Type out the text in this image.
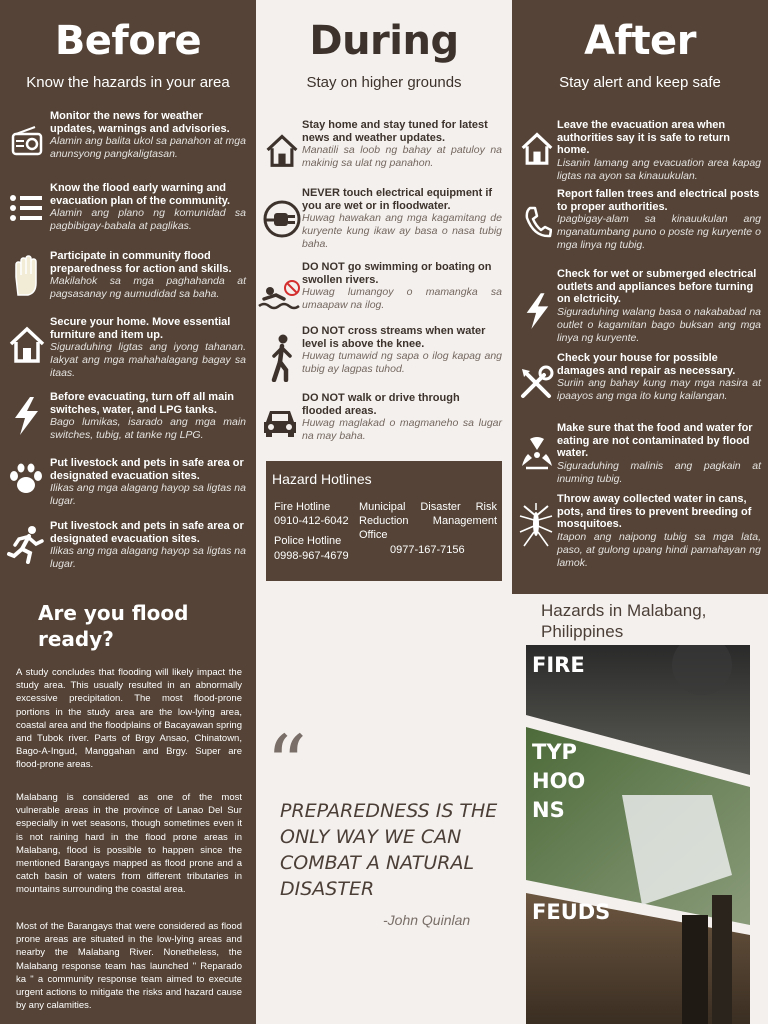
Before
Know the hazards in your area
Monitor the news for weather updates, warnings and advisories.
Alamin ang balita ukol sa panahon at mga anunsyong pangkaligtasan.
Know the flood early warning and evacuation plan of the community.
Alamin ang plano ng komunidad sa pagbibigay-babala at paglikas.
Participate in community flood preparedness for action and skills.
Makilahok sa mga paghahanda at pagsasanay ng aumudidad sa baha.
Secure your home. Move essential furniture and item up.
Siguraduhing ligtas ang iyong tahanan. Iakyat ang mga mahahalagang bagay sa itaas.
Before evacuating, turn off all main switches, water, and LPG tanks.
Bago lumikas, isarado ang mga main switches, tubig, at tanke ng LPG.
Put livestock and pets in safe area or designated evacuation sites.
Ilikas ang mga alagang hayop sa ligtas na lugar.
Put livestock and pets in safe area or designated evacuation sites.
Ilikas ang mga alagang hayop sa ligtas na lugar.
During
Stay on higher grounds
Stay home and stay tuned for latest news and weather updates.
Manatili sa loob ng bahay at patuloy na makinig sa ulat ng panahon.
NEVER touch electrical equipment if you are wet or in floodwater.
Huwag hawakan ang mga kagamitang de kuryente kung ikaw ay basa o nasa tubig baha.
DO NOT go swimming or boating on swollen rivers.
Huwag lumangoy o mamangka sa umaapaw na ilog.
DO NOT cross streams when water level is above the knee.
Huwag tumawid ng sapa o ilog kapag ang tubig ay lagpas tuhod.
DO NOT walk or drive through flooded areas.
Huwag maglakad o magmaneho sa lugar na may baha.
Hazard Hotlines
Fire Hotline
0910-412-6042
Police Hotline
0998-967-4679
Municipal Disaster Risk Reduction Management Office
0977-167-7156
After
Stay alert and keep safe
Leave the evacuation area when authorities say it is safe to return home.
Lisanin lamang ang evacuation area kapag ligtas na ayon sa kinauukulan.
Report fallen trees and electrical posts to proper authorities.
Ipagbigay-alam sa kinauukulan ang mganatumbang puno o poste ng kuryente o mga linya ng tubig.
Check for wet or submerged electrical outlets and appliances before turning on elctricity.
Siguraduhing walang basa o nakababad na outlet o kagamitan bago buksan ang mga linya ng kuryente.
Check your house for possible damages and repair as necessary.
Suriin ang bahay kung may mga nasira at ipaayos ang mga ito kung kailangan.
Make sure that the food and water for eating are not contaminated by flood water.
Siguraduhing malinis ang pagkain at inuming tubig.
Throw away collected water in cans, pots, and tires to prevent breeding of mosquitoes.
Itapon ang naipong tubig sa mga lata, paso, at gulong upang hindi pamahayan ng lamok.
Are you flood ready?
A study concludes that flooding will likely impact the study area. This usually resulted in an abnormally excessive precipitation. The most flood-prone portions in the study area are the low-lying area, coastal area and the floodplains of Bacayawan spring and Tubok river. Parts of Brgy Ansao, Chinatown, Bago-A-Ingud, Manggahan and Brgy. Super are flood-prone areas.
Malabang is considered as one of the most vulnerable areas in the province of Lanao Del Sur especially in wet seasons, though sometimes even it is not raining hard in the flood prone areas in Malabang, flood is possible to happen since the mentioned Barangays mapped as flood prone and a catch basin of waters from different tributaries in mountains surrounding the coastal area.
Most of the Barangays that were considered as flood prone areas are situated in the low-lying areas and nearby the Malabang River. Nonetheless, the Malabang response team has launched " Reparado ka " a community response team aimed to execute urgent actions to mitigate the risks and hazard cause by any calamities.
“
PREPAREDNESS IS THE ONLY WAY WE CAN COMBAT A NATURAL DISASTER
-John Quinlan
Hazards in Malabang, Philippines
FIRE
TYP HOO NS
FEUDS
